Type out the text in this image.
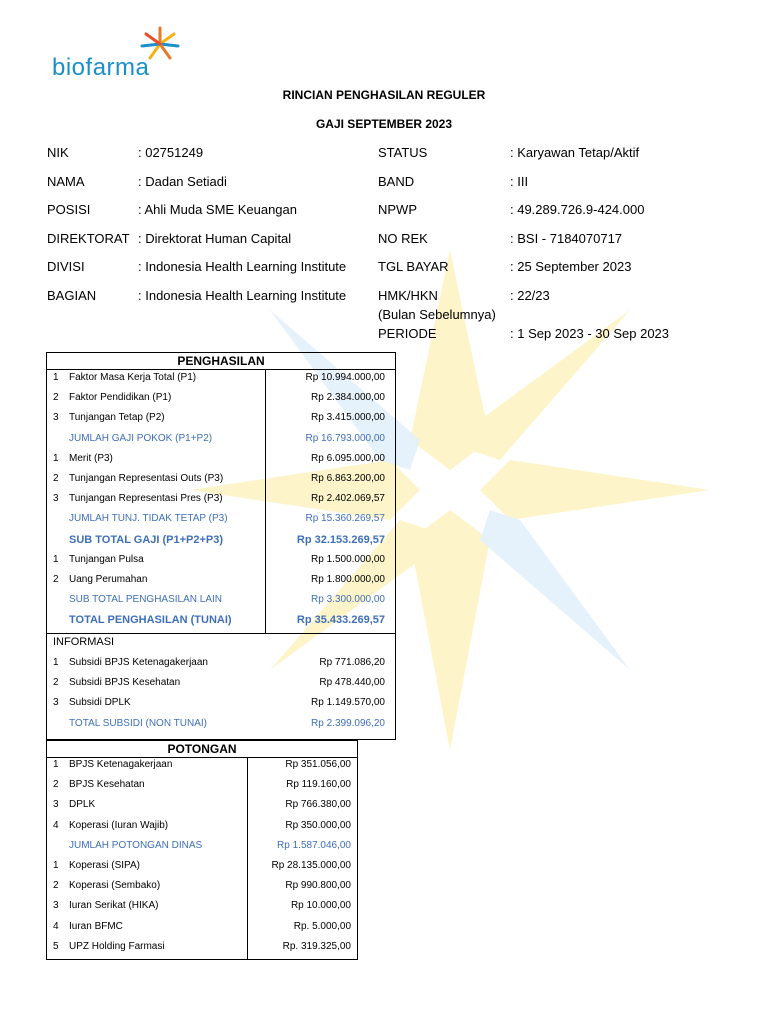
biofarma
RINCIAN PENGHASILAN REGULER
GAJI SEPTEMBER 2023
NIK	: 02751249
NAMA	: Dadan Setiadi
POSISI	: Ahli Muda SME Keuangan
DIREKTORAT : Direktorat Human Capital
DIVISI	: Indonesia Health Learning Institute
BAGIAN	: Indonesia Health Learning Institute
STATUS	: Karyawan Tetap/Aktif
BAND	: III
NPWP	: 49.289.726.9-424.000
NO REK	: BSI - 7184070717
TGL BAYAR	: 25 September 2023
HMK/HKN
(Bulan Sebelumnya)
: 22/23
PERIODE	: 1 Sep 2023 - 30 Sep 2023
PENGHASILAN
1 Faktor Masa Kerja Total (P1)	Rp 10.994.000,00
2 Faktor Pendidikan (P1)	Rp 2.384.000,00
3 Tunjangan Tetap (P2)	Rp 3.415.000,00
JUMLAH GAJI POKOK (P1+P2)	Rp 16.793.000,00
1 Merit (P3)	Rp 6.095.000,00
2 Tunjangan Representasi Outs (P3)	Rp 6.863.200,00
3 Tunjangan Representasi Pres (P3)	Rp 2.402.069,57
JUMLAH TUNJ. TIDAK TETAP (P3)	Rp 15.360.269,57
SUB TOTAL GAJI (P1+P2+P3)	Rp 32.153.269,57
1 Tunjangan Pulsa	Rp 1.500.000,00
2 Uang Perumahan	Rp 1.800.000,00
SUB TOTAL PENGHASILAN LAIN	Rp 3.300.000,00
TOTAL PENGHASILAN (TUNAI)	Rp 35.433.269,57
INFORMASI
1 Subsidi BPJS Ketenagakerjaan	Rp 771.086,20
2 Subsidi BPJS Kesehatan	Rp 478.440,00
3 Subsidi DPLK	Rp 1.149.570,00
TOTAL SUBSIDI (NON TUNAI)	Rp 2.399.096,20
POTONGAN
1 BPJS Ketenagakerjaan	Rp 351.056,00
2 BPJS Kesehatan	Rp 119.160,00
3 DPLK	Rp 766.380,00
4 Koperasi (Iuran Wajib)	Rp 350.000,00
JUMLAH POTONGAN DINAS	Rp 1.587.046,00
1 Koperasi (SIPA)	Rp 28.135.000,00
2 Koperasi (Sembako)	Rp 990.800,00
3 Iuran Serikat (HIKA)	Rp 10.000,00
4 Iuran BFMC	Rp. 5.000,00
5 UPZ Holding Farmasi	Rp. 319.325,00
